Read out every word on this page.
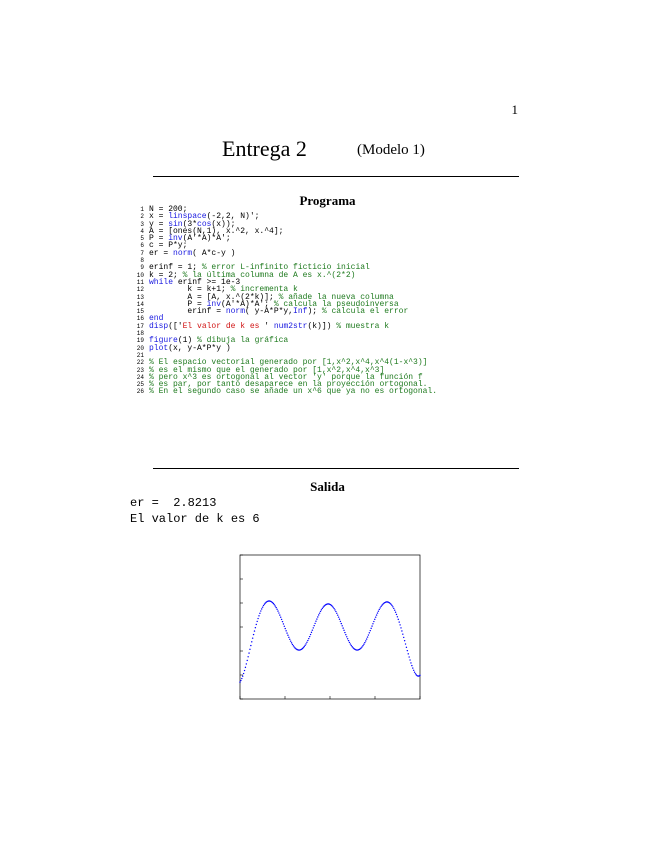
1
Entrega 2	(Modelo 1)
Programa
1 N = 200;
2 x = linspace(-2,2, N)';
3 y = sin(3*cos(x));
4 A = [ones(N,1), x.^2, x.^4];
5 P = inv(A'*A)*A';
6 c = P*y;
7 er = norm( A*c-y )
8
9 erinf = 1; % error L-infinito ficticio inicial
10 k = 2; % la última columna de A es x.^(2*2)
11 while erinf >= 1e-3
12        k = k+1; % incrementa k
13        A = [A, x.^(2*k)]; % añade la nueva columna
14        P = inv(A'*A)*A'; % calcula la pseudoinversa
15        erinf = norm( y-A*P*y,Inf); % calcula el error
16 end
17 disp(['El valor de k es ' num2str(k)]) % muestra k
18
19 figure(1) % dibuja la gráfica
20 plot(x, y-A*P*y )
21
22 % El espacio vectorial generado por [1,x^2,x^4,x^4(1-x^3)]
23 % es el mismo que el generado por [1,x^2,x^4,x^3]
24 % pero x^3 es ortogonal al vector 'y' porque la función f
25 % es par, por tanto desaparece en la proyección ortogonal.
26 % En el segundo caso se añade un x^6 que ya no es ortogonal.
Salida
er =  2.8213
El valor de k es 6
